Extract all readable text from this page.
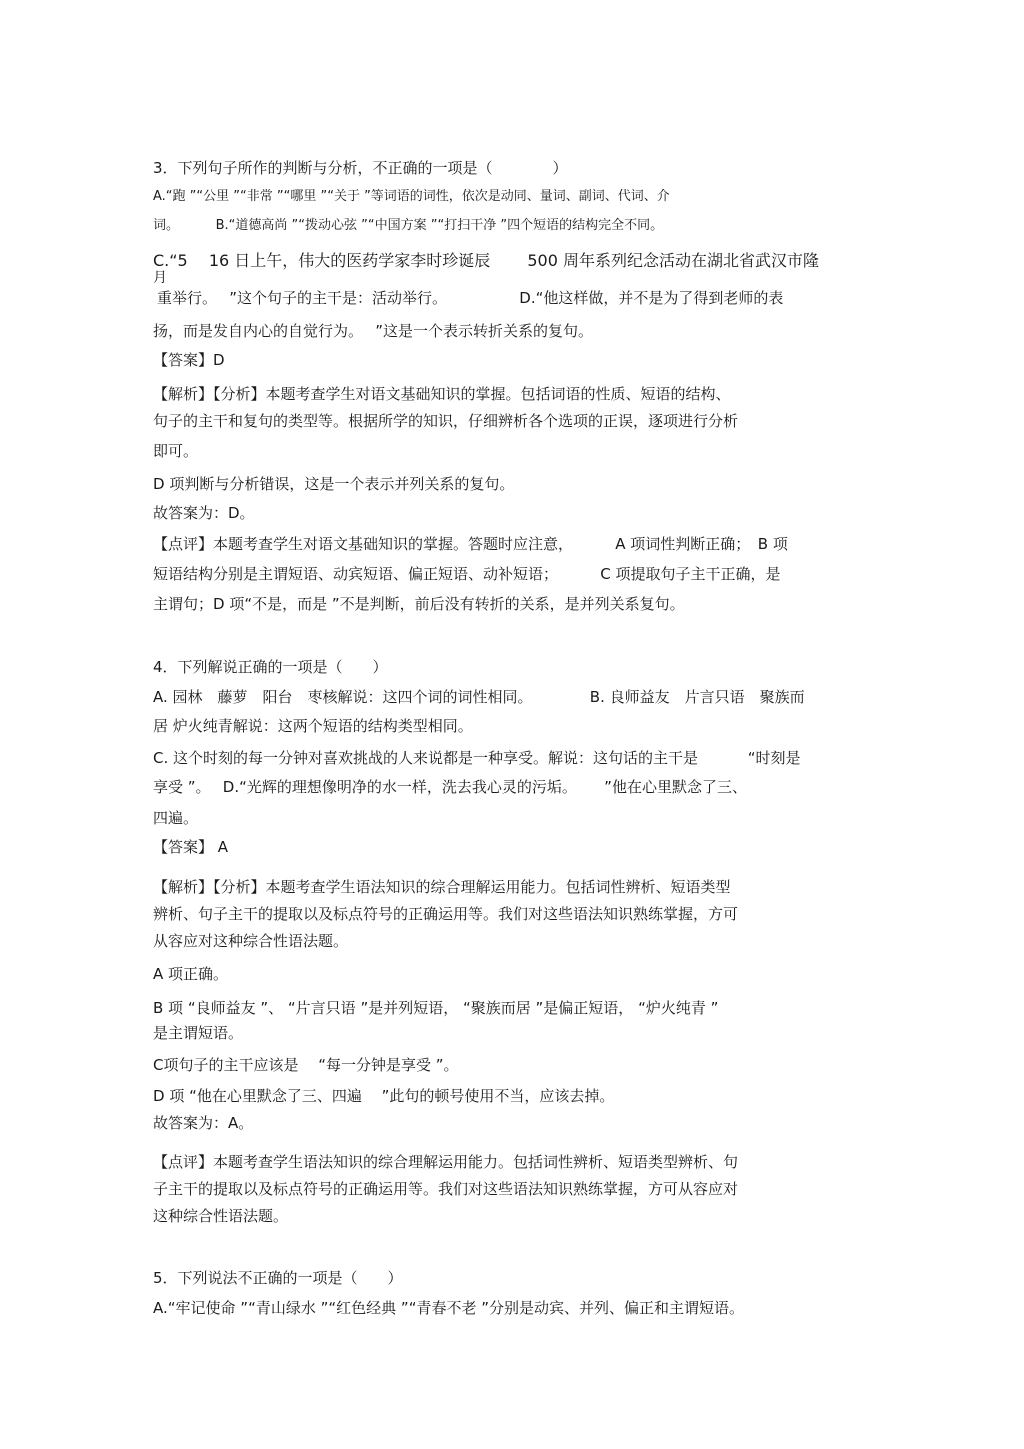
3．下列句子所作的判断与分析，不正确的一项是（　　　　）
A.“跑 ”“公里 ”“非常 ”“哪里 ”“关于 ”等词语的词性，依次是动同、量词、副词、代词、介
词。　　　 B.“道德高尚 ”“拨动心弦 ”“中国方案 ”“打扫干净 ”四个短语的结构完全不同。
C.“5　 16 日上午，伟大的医药学家李时珍诞辰　　 500 周年系列纪念活动在湖北省武汉市隆
月
重举行。　 ”这个句子的主干是：活动举行。　　　　　 D.“他这样做，并不是为了得到老师的表
扬，而是发自内心的自觉行为。　 ”这是一个表示转折关系的复句。
【答案】D
【解析】【分析】本题考查学生对语文基础知识的掌握。包括词语的性质、短语的结构、
句子的主干和复句的类型等。根据所学的知识，仔细辨析各个选项的正误，逐项进行分析
即可。
D 项判断与分析错误，这是一个表示并列关系的复句。
故答案为：D。
【点评】本题考查学生对语文基础知识的掌握。答题时应注意，　　　 A 项词性判断正确；　B 项
短语结构分别是主谓短语、动宾短语、偏正短语、动补短语；　　　 C 项提取句子主干正确，是
主谓句；D 项“不是，而是 ”不是判断，前后没有转折的关系，是并列关系复句。
4．下列解说正确的一项是（　　）
A. 园林　藤萝　阳台　枣核解说：这四个词的词性相同。　　　　 B. 良师益友　片言只语　聚族而
居 炉火纯青解说：这两个短语的结构类型相同。
C. 这个时刻的每一分钟对喜欢挑战的人来说都是一种享受。解说：这句话的主干是　　　 “时刻是
享受 ”。　 D.“光辉的理想像明净的水一样，洗去我心灵的污垢。　　 ”他在心里默念了三、
四遍。
【答案】 A
【解析】【分析】本题考查学生语法知识的综合理解运用能力。包括词性辨析、短语类型
辨析、句子主干的提取以及标点符号的正确运用等。我们对这些语法知识熟练掌握，方可
从容应对这种综合性语法题。
A 项正确。
B 项 “良师益友 ”、 “片言只语 ”是并列短语， “聚族而居 ”是偏正短语， “炉火纯青 ”
是主谓短语。
C项句子的主干应该是　 “每一分钟是享受 ”。
D 项 “他在心里默念了三、四遍　 ”此句的顿号使用不当，应该去掉。
故答案为：A。
【点评】本题考查学生语法知识的综合理解运用能力。包括词性辨析、短语类型辨析、句
子主干的提取以及标点符号的正确运用等。我们对这些语法知识熟练掌握，方可从容应对
这种综合性语法题。
5．下列说法不正确的一项是（　　）
A.“牢记使命 ”“青山绿水 ”“红色经典 ”“青春不老 ”分别是动宾、并列、偏正和主谓短语。
